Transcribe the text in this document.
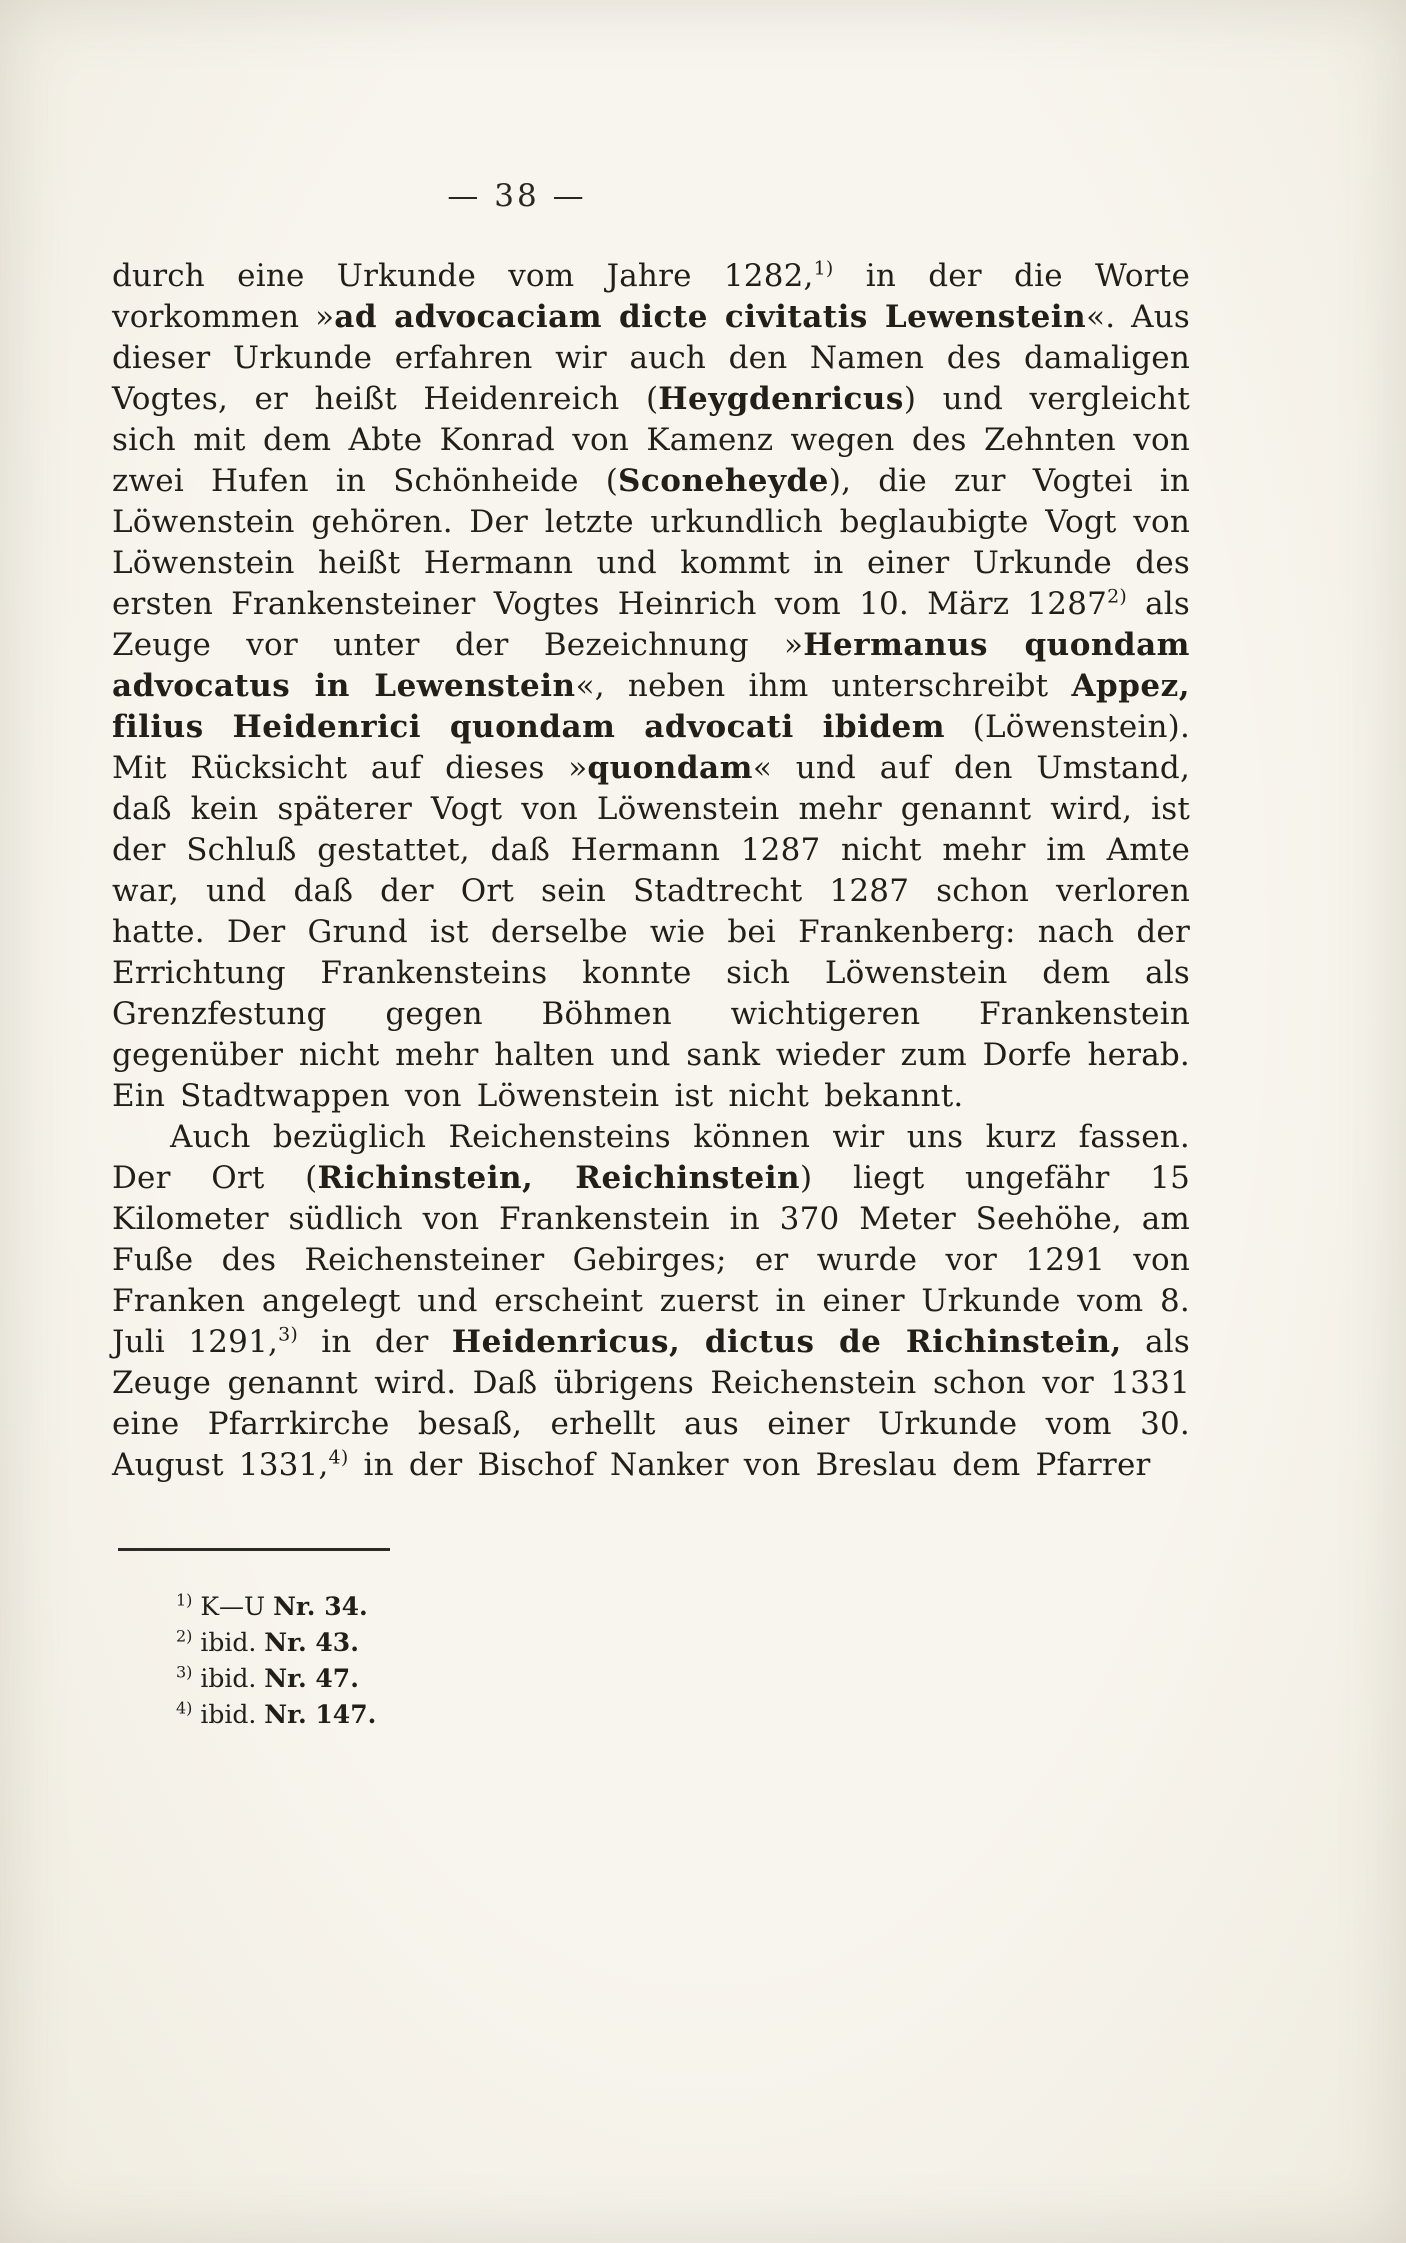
— 38 —

durch eine Urkunde vom Jahre 1282,$^{1)}$ in der die Worte vorkommen »ad advocaciam dicte civitatis Lewenstein«. Aus dieser Urkunde erfahren wir auch den Namen des damaligen Vogtes, er heißt Heidenreich (Heygdenricus) und vergleicht sich mit dem Abte Konrad von Kamenz wegen des Zehnten von zwei Hufen in Schönheide (Sconeheyde), die zur Vogtei in Löwenstein gehören. Der letzte urkundlich beglaubigte Vogt von Löwenstein heißt Hermann und kommt in einer Urkunde des ersten Frankensteiner Vogtes Heinrich vom 10. März 1287$^{2)}$ als Zeuge vor unter der Bezeichnung »Hermanus quondam advocatus in Lewenstein«, neben ihm unterschreibt Appez, filius Heidenrici quondam advocati ibidem (Löwenstein). Mit Rücksicht auf dieses »quondam« und auf den Umstand, daß kein späterer Vogt von Löwenstein mehr genannt wird, ist der Schluß gestattet, daß Hermann 1287 nicht mehr im Amte war, und daß der Ort sein Stadtrecht 1287 schon verloren hatte. Der Grund ist derselbe wie bei Frankenberg: nach der Errichtung Frankensteins konnte sich Löwenstein dem als Grenzfestung gegen Böhmen wichtigeren Frankenstein gegenüber nicht mehr halten und sank wieder zum Dorfe herab. Ein Stadtwappen von Löwenstein ist nicht bekannt.

Auch bezüglich Reichensteins können wir uns kurz fassen. Der Ort (Richinstein, Reichinstein) liegt ungefähr 15 Kilometer südlich von Frankenstein in 370 Meter Seehöhe, am Fuße des Reichensteiner Gebirges; er wurde vor 1291 von Franken angelegt und erscheint zuerst in einer Urkunde vom 8. Juli 1291,$^{3)}$ in der Heidenricus, dictus de Richinstein, als Zeuge genannt wird. Daß übrigens Reichenstein schon vor 1331 eine Pfarrkirche besaß, erhellt aus einer Urkunde vom 30. August 1331,$^{4)}$ in der Bischof Nanker von Breslau dem Pfarrer

$^{1)}$ K—U Nr. 34.
$^{2)}$ ibid. Nr. 43.
$^{3)}$ ibid. Nr. 47.
$^{4)}$ ibid. Nr. 147.
